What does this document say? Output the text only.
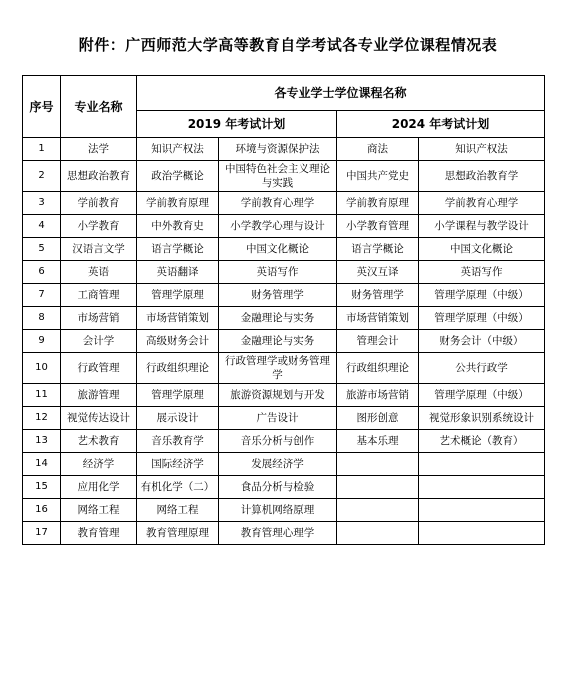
附件：广西师范大学高等教育自学考试各专业学位课程情况表
序号	专业名称	各专业学士学位课程名称			
		2019 年考试计划		2024 年考试计划	
1	法学	知识产权法	环境与资源保护法	商法	知识产权法
2	思想政治教育	政治学概论	中国特色社会主义理论与实践	中国共产党史	思想政治教育学
3	学前教育	学前教育原理	学前教育心理学	学前教育原理	学前教育心理学
4	小学教育	中外教育史	小学教学心理与设计	小学教育管理	小学课程与教学设计
5	汉语言文学	语言学概论	中国文化概论	语言学概论	中国文化概论
6	英语	英语翻译	英语写作	英汉互译	英语写作
7	工商管理	管理学原理	财务管理学	财务管理学	管理学原理（中级）
8	市场营销	市场营销策划	金融理论与实务	市场营销策划	管理学原理（中级）
9	会计学	高级财务会计	金融理论与实务	管理会计	财务会计（中级）
10	行政管理	行政组织理论	行政管理学或财务管理学	行政组织理论	公共行政学
11	旅游管理	管理学原理	旅游资源规划与开发	旅游市场营销	管理学原理（中级）
12	视觉传达设计	展示设计	广告设计	图形创意	视觉形象识别系统设计
13	艺术教育	音乐教育学	音乐分析与创作	基本乐理	艺术概论（教育）
14	经济学	国际经济学	发展经济学		
15	应用化学	有机化学（二）	食品分析与检验		
16	网络工程	网络工程	计算机网络原理		
17	教育管理	教育管理原理	教育管理心理学		
